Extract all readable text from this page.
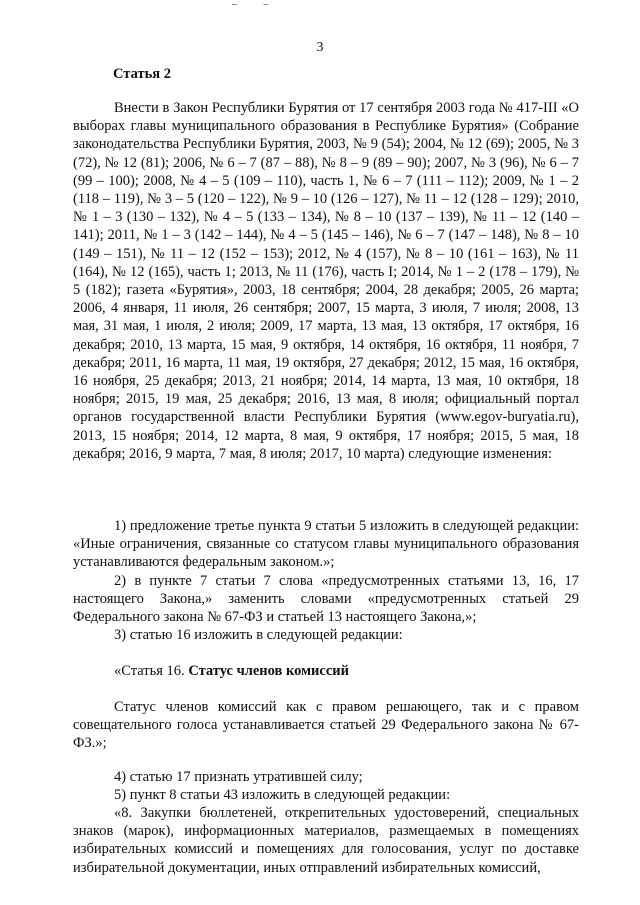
–	–
3
Статья 2

Внести в Закон Республики Бурятия от 17 сентября 2003 года № 417-III «О выборах главы муниципального образования в Республике Бурятия» (Собрание законодательства Республики Бурятия, 2003, № 9 (54); 2004, № 12 (69); 2005, № 3 (72), № 12 (81); 2006, № 6 – 7 (87 – 88), № 8 – 9 (89 – 90); 2007, № 3 (96), № 6 – 7 (99 – 100); 2008, № 4 – 5 (109 – 110), часть 1, № 6 – 7 (111 – 112); 2009, № 1 – 2 (118 – 119), № 3 – 5 (120 – 122), № 9 – 10 (126 – 127), № 11 – 12 (128 – 129); 2010, № 1 – 3 (130 – 132), № 4 – 5 (133 – 134), № 8 – 10 (137 – 139), № 11 – 12 (140 – 141); 2011, № 1 – 3 (142 – 144), № 4 – 5 (145 – 146), № 6 – 7 (147 – 148), № 8 – 10 (149 – 151), № 11 – 12 (152 – 153); 2012, № 4 (157), № 8 – 10 (161 – 163), № 11 (164), № 12 (165), часть 1; 2013, № 11 (176), часть I; 2014, № 1 – 2 (178 – 179), № 5 (182); газета «Бурятия», 2003, 18 сентября; 2004, 28 декабря; 2005, 26 марта; 2006, 4 января, 11 июля, 26 сентября; 2007, 15 марта, 3 июля, 7 июля; 2008, 13 мая, 31 мая, 1 июля, 2 июля; 2009, 17 марта, 13 мая, 13 октября, 17 октября, 16 декабря; 2010, 13 марта, 15 мая, 9 октября, 14 октября, 16 октября, 11 ноября, 7 декабря; 2011, 16 марта, 11 мая, 19 октября, 27 декабря; 2012, 15 мая, 16 октября, 16 ноября, 25 декабря; 2013, 21 ноября; 2014, 14 марта, 13 мая, 10 октября, 18 ноября; 2015, 19 мая, 25 декабря; 2016, 13 мая, 8 июля; официальный портал органов государственной власти Республики Бурятия (www.egov-buryatia.ru), 2013, 15 ноября; 2014, 12 марта, 8 мая, 9 октября, 17 ноября; 2015, 5 мая, 18 декабря; 2016, 9 марта, 7 мая, 8 июля; 2017, 10 марта) следующие изменения:

1) предложение третье пункта 9 статьи 5 изложить в следующей редакции: «Иные ограничения, связанные со статусом главы муниципального образования устанавливаются федеральным законом.»;

2) в пункте 7 статьи 7 слова «предусмотренных статьями 13, 16, 17 настоящего Закона,» заменить словами «предусмотренных статьей 29 Федерального закона № 67-ФЗ и статьей 13 настоящего Закона,»;

3) статью 16 изложить в следующей редакции:

«Статья 16. Статус членов комиссий

Статус членов комиссий как с правом решающего, так и с правом совещательного голоса устанавливается статьей 29 Федерального закона № 67-ФЗ.»;

4) статью 17 признать утратившей силу;

5) пункт 8 статьи 43 изложить в следующей редакции:

«8. Закупки бюллетеней, открепительных удостоверений, специальных знаков (марок), информационных материалов, размещаемых в помещениях избирательных комиссий и помещениях для голосования, услуг по доставке избирательной документации, иных отправлений избирательных комиссий,
